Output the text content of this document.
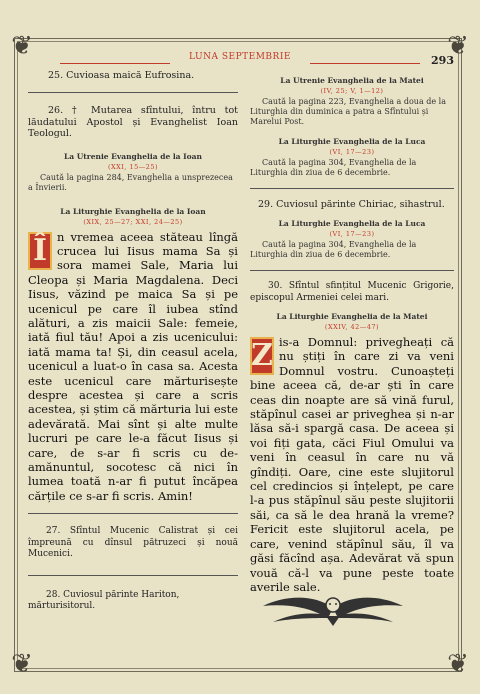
❦	❦
❦	❦
LUNA SEPTEMBRIE	293

25. Cuvioasa maică Eufrosina.

26. † Mutarea sfîntului, întru tot lăudatului Apostol și Evanghelist Ioan Teologul.

La Utrenie Evanghelia de la Ioan

(XXI, 15—25)

Caută la pagina 284, Evanghelia a unsprezecea a Învierii.

La Liturghie Evanghelia de la Ioan

(XIX, 25—27; XXI, 24—25)

Î n vremea aceea stăteau lîngă crucea lui Iisus mama Sa și sora mamei Sale, Maria lui Cleopa și Maria Magdalena. Deci Iisus, văzind pe maica Sa și pe ucenicul pe care îl iubea stînd alături, a zis maicii Sale: femeie, iată fiul tău! Apoi a zis ucenicului: iată mama ta! Și, din ceasul acela, ucenicul a luat-o în casa sa. Acesta este ucenicul care mărturisește despre acestea și care a scris acestea, și știm că mărturia lui este adevărată. Mai sînt și alte multe lucruri pe care le-a făcut Iisus și care, de s-ar fi scris cu de-amănuntul, socotesc că nici în lumea toată n-ar fi putut încăpea cărțile ce s-ar fi scris. Amin!

27. Sfîntul Mucenic Calistrat și cei împreună cu dînsul pătruzeci și nouă Mucenici.

28. Cuviosul părinte Hariton, mărturisitorul.

La Utrenie Evanghelia de la Matei

(IV, 25; V, 1—12)

Caută la pagina 223, Evanghelia a doua de la Liturghia din duminica a patra a Sfîntului și Marelui Post.

La Liturghie Evanghelia de la Luca

(VI, 17—23)

Caută la pagina 304, Evanghelia de la Liturghia din ziua de 6 decembrie.

29. Cuviosul părinte Chiriac, sihastrul.

La Liturghie Evanghelia de la Luca

(VI, 17—23)

Caută la pagina 304, Evanghelia de la Liturghia din ziua de 6 decembrie.

30. Sfîntul sfințitul Mucenic Grigorie, episcopul Armeniei celei mari.

La Liturghie Evanghelia de la Matei

(XXIV, 42—47)

Z is-a Domnul: privegheați că nu știți în care zi va veni Domnul vostru. Cunoașteți bine aceea că, de-ar ști în care ceas din noapte are să vină furul, stăpînul casei ar priveghea și n-ar lăsa să-i spargă casa. De aceea și voi fiți gata, căci Fiul Omului va veni în ceasul în care nu vă gîndiți. Oare, cine este slujitorul cel credincios și înțelept, pe care l-a pus stăpînul său peste slujitorii săi, ca să le dea hrană la vreme? Fericit este slujitorul acela, pe care, venind stăpînul său, îl va găsi făcînd așa. Adevărat vă spun vouă că-l va pune peste toate averile sale.
